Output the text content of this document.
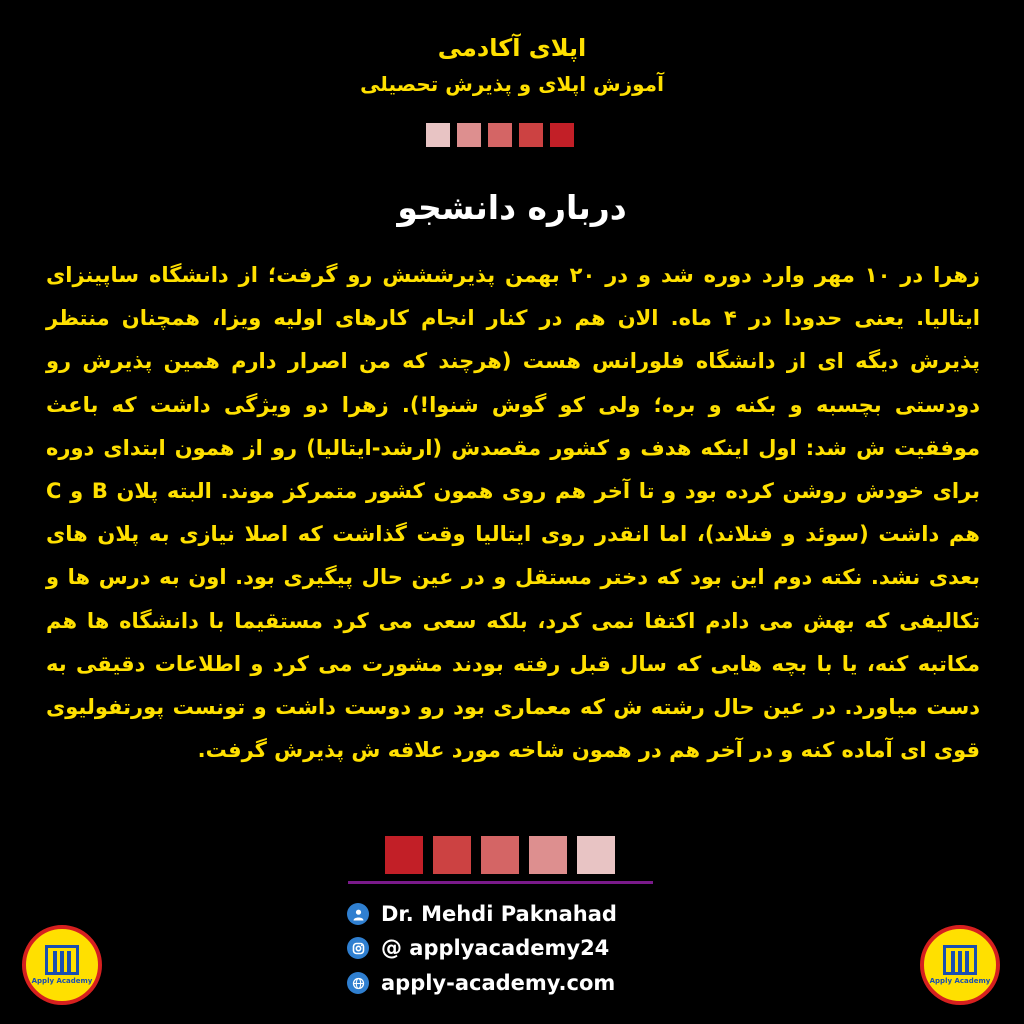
اپلای آکادمی
آموزش اپلای و پذیرش تحصیلی
درباره دانشجو
زهرا در ۱۰ مهر وارد دوره شد و در ۲۰ بهمن پذیرششش رو گرفت؛ از دانشگاه ساپینزای ایتالیا. یعنی حدودا در ۴ ماه. الان هم در کنار انجام کارهای اولیه ویزا، همچنان منتظر پذیرش دیگه ای از دانشگاه فلورانس هست (هرچند که من اصرار دارم همین پذیرش رو دودستی بچسبه و بکنه و بره؛ ولی کو گوش شنوا!). زهرا دو ویژگی داشت که باعث موفقیت ش شد: اول اینکه هدف و کشور مقصدش (ارشد-ایتالیا) رو از همون ابتدای دوره برای خودش روشن کرده بود و تا آخر هم روی همون کشور متمرکز موند. البته پلان B و C هم داشت (سوئد و فنلاند)، اما انقدر روی ایتالیا وقت گذاشت که اصلا نیازی به پلان های بعدی نشد. نکته دوم این بود که دختر مستقل و در عین حال پیگیری بود. اون به درس ها و تکالیفی که بهش می دادم اکتفا نمی کرد، بلکه سعی می کرد مستقیما با دانشگاه ها هم مکاتبه کنه، یا با بچه هایی که سال قبل رفته بودند مشورت می کرد و اطلاعات دقیقی به دست میاورد. در عین حال رشته ش که معماری بود رو دوست داشت و تونست پورتفولیوی قوی ای آماده کنه و در آخر هم در همون شاخه مورد علاقه ش پذیرش گرفت.
Dr. Mehdi Paknahad
@ applyacademy24
apply-academy.com
Apply Academy	Apply Academy
